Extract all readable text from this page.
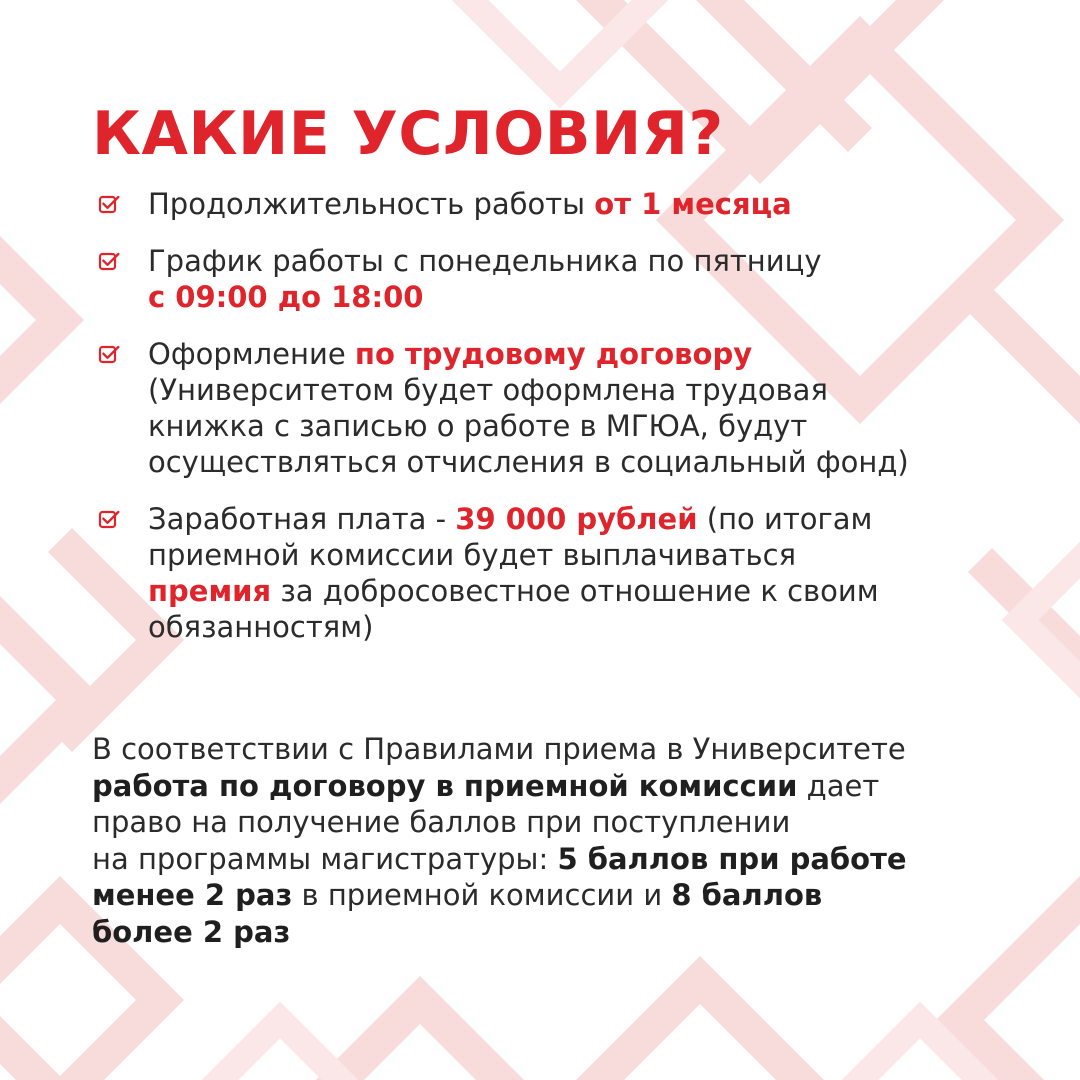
КАКИЕ УСЛОВИЯ?
Продолжительность работы от 1 месяца
График работы с понедельника по пятницу
с 09:00 до 18:00
Оформление по трудовому договору
(Университетом будет оформлена трудовая
книжка с записью о работе в МГЮА, будут
осуществляться отчисления в социальный фонд)
Заработная плата - 39 000 рублей (по итогам
приемной комиссии будет выплачиваться
премия за добросовестное отношение к своим
обязанностям)
В соответствии с Правилами приема в Университете
работа по договору в приемной комиссии дает
право на получение баллов при поступлении
на программы магистратуры: 5 баллов при работе
менее 2 раз в приемной комиссии и 8 баллов
более 2 раз
